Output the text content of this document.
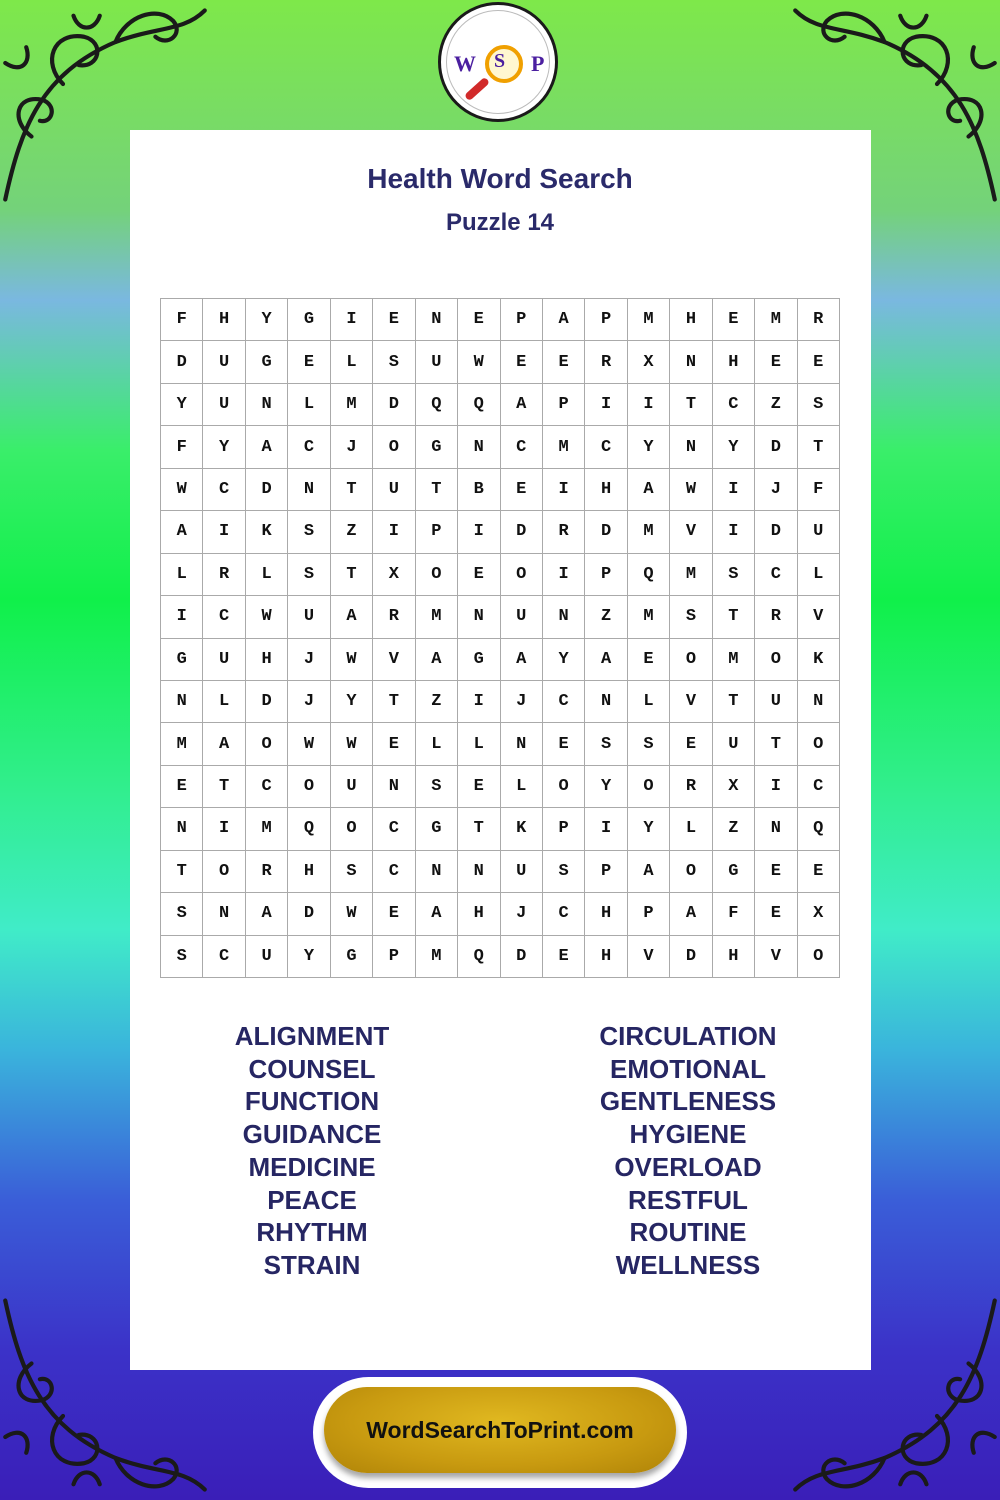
W S P
Health Word Search
Puzzle 14
F	H	Y	G	I	E	N	E	P	A	P	M	H	E	M	R
D	U	G	E	L	S	U	W	E	E	R	X	N	H	E	E
Y	U	N	L	M	D	Q	Q	A	P	I	I	T	C	Z	S
F	Y	A	C	J	O	G	N	C	M	C	Y	N	Y	D	T
W	C	D	N	T	U	T	B	E	I	H	A	W	I	J	F
A	I	K	S	Z	I	P	I	D	R	D	M	V	I	D	U
L	R	L	S	T	X	O	E	O	I	P	Q	M	S	C	L
I	C	W	U	A	R	M	N	U	N	Z	M	S	T	R	V
G	U	H	J	W	V	A	G	A	Y	A	E	O	M	O	K
N	L	D	J	Y	T	Z	I	J	C	N	L	V	T	U	N
M	A	O	W	W	E	L	L	N	E	S	S	E	U	T	O
E	T	C	O	U	N	S	E	L	O	Y	O	R	X	I	C
N	I	M	Q	O	C	G	T	K	P	I	Y	L	Z	N	Q
T	O	R	H	S	C	N	N	U	S	P	A	O	G	E	E
S	N	A	D	W	E	A	H	J	C	H	P	A	F	E	X
S	C	U	Y	G	P	M	Q	D	E	H	V	D	H	V	O
ALIGNMENT
COUNSEL
FUNCTION
GUIDANCE
MEDICINE
PEACE
RHYTHM
STRAIN
CIRCULATION
EMOTIONAL
GENTLENESS
HYGIENE
OVERLOAD
RESTFUL
ROUTINE
WELLNESS
WordSearchToPrint.com
